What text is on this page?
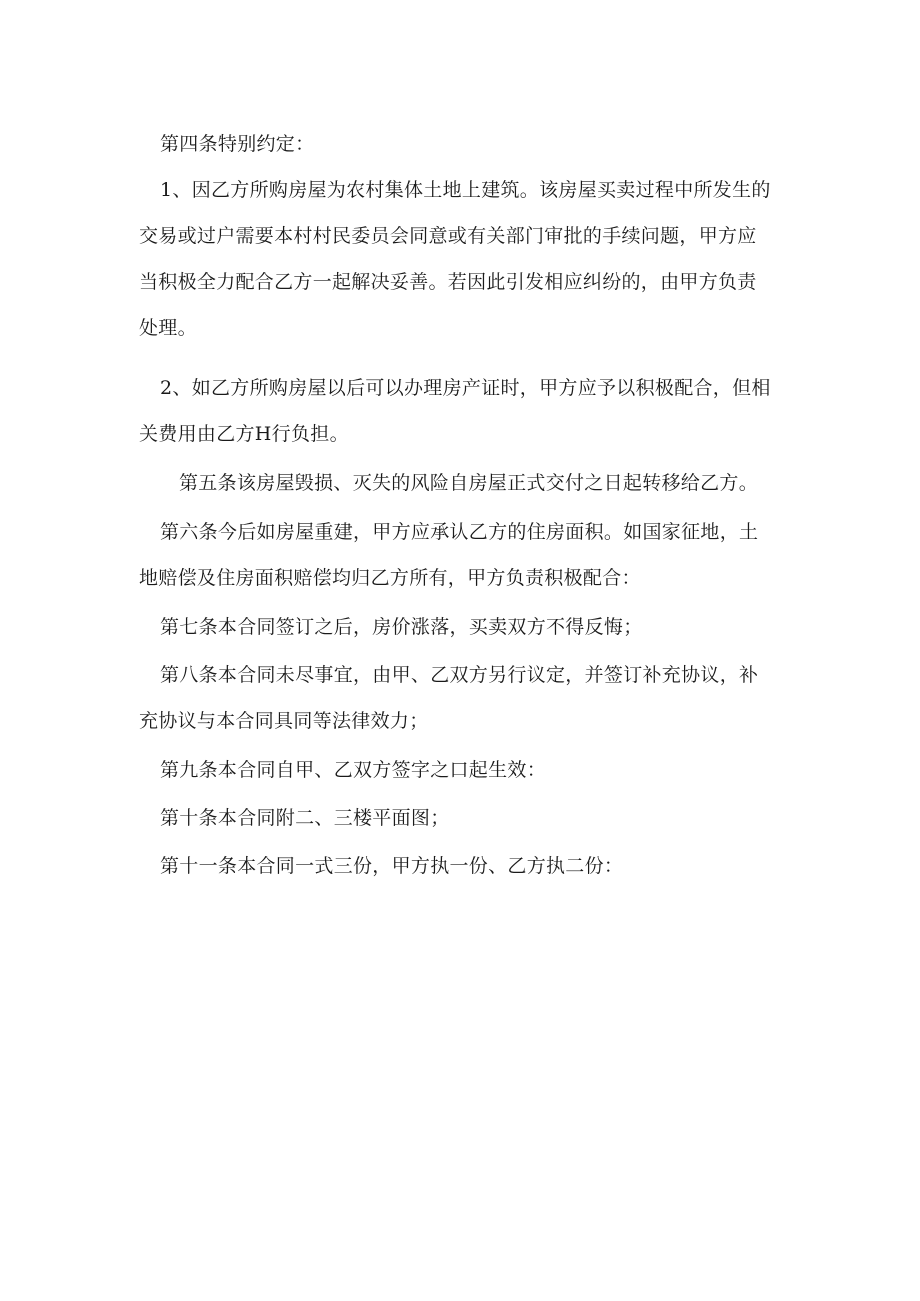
第四条特别约定：

1、因乙方所购房屋为农村集体土地上建筑。该房屋买卖过程中所发生的
交易或过户需要本村村民委员会同意或有关部门审批的手续问题，甲方应
当积极全力配合乙方一起解决妥善。若因此引发相应纠纷的，由甲方负责
处理。

2、如乙方所购房屋以后可以办理房产证时，甲方应予以积极配合，但相
关费用由乙方H行负担。

第五条该房屋毁损、灭失的风险自房屋正式交付之日起转移给乙方。

第六条今后如房屋重建，甲方应承认乙方的住房面积。如国家征地，土
地赔偿及住房面积赔偿均归乙方所有，甲方负责积极配合：

第七条本合同签订之后，房价涨落，买卖双方不得反悔；

第八条本合同未尽事宜，由甲、乙双方另行议定，并签订补充协议，补
充协议与本合同具同等法律效力；

第九条本合同自甲、乙双方签字之口起生效：

第十条本合同附二、三楼平面图；

第十一条本合同一式三份，甲方执一份、乙方执二份：
